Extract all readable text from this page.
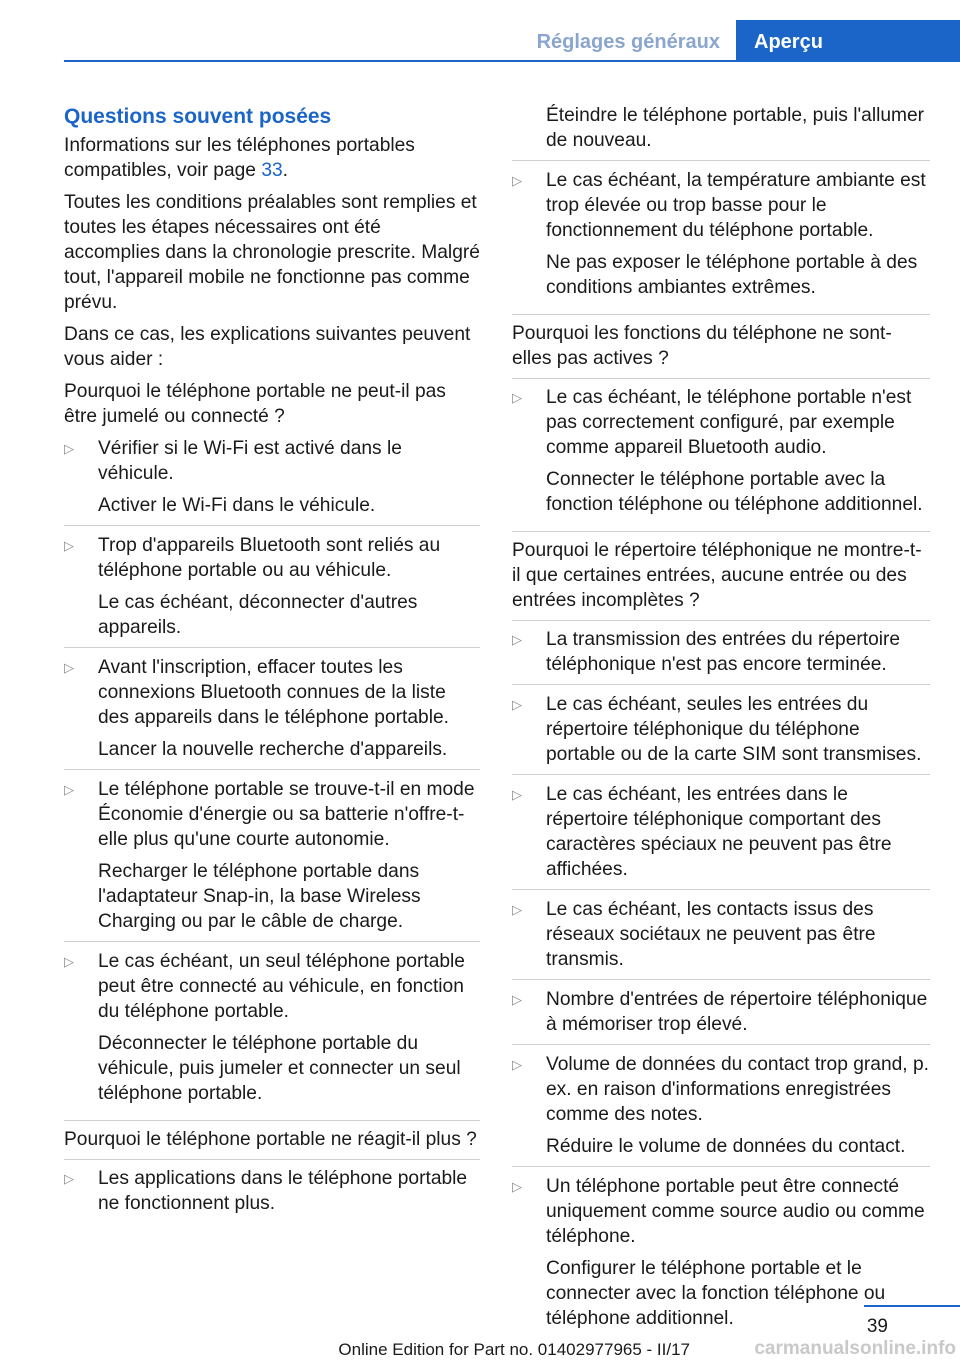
Réglages généraux	Aperçu
Questions souvent posées
Informations sur les téléphones portables compatibles, voir page 33.
Toutes les conditions préalables sont remplies et toutes les étapes nécessaires ont été accomplies dans la chronologie prescrite. Malgré tout, l'appareil mobile ne fonctionne pas comme prévu.
Dans ce cas, les explications suivantes peuvent vous aider :
Pourquoi le téléphone portable ne peut-il pas être jumelé ou connecté ?
▷ Vérifier si le Wi-Fi est activé dans le véhicule.
Activer le Wi-Fi dans le véhicule.
▷ Trop d'appareils Bluetooth sont reliés au téléphone portable ou au véhicule.
Le cas échéant, déconnecter d'autres appareils.
▷ Avant l'inscription, effacer toutes les connexions Bluetooth connues de la liste des appareils dans le téléphone portable.
Lancer la nouvelle recherche d'appareils.
▷ Le téléphone portable se trouve-t-il en mode Économie d'énergie ou sa batterie n'offre-t-elle plus qu'une courte autonomie.
Recharger le téléphone portable dans l'adaptateur Snap-in, la base Wireless Charging ou par le câble de charge.
▷ Le cas échéant, un seul téléphone portable peut être connecté au véhicule, en fonction du téléphone portable.
Déconnecter le téléphone portable du véhicule, puis jumeler et connecter un seul téléphone portable.
Pourquoi le téléphone portable ne réagit-il plus ?
▷ Les applications dans le téléphone portable ne fonctionnent plus.
Éteindre le téléphone portable, puis l'allumer de nouveau.
▷ Le cas échéant, la température ambiante est trop élevée ou trop basse pour le fonctionnement du téléphone portable.
Ne pas exposer le téléphone portable à des conditions ambiantes extrêmes.
Pourquoi les fonctions du téléphone ne sont-elles pas actives ?
▷ Le cas échéant, le téléphone portable n'est pas correctement configuré, par exemple comme appareil Bluetooth audio.
Connecter le téléphone portable avec la fonction téléphone ou téléphone additionnel.
Pourquoi le répertoire téléphonique ne montre-t-il que certaines entrées, aucune entrée ou des entrées incomplètes ?
▷ La transmission des entrées du répertoire téléphonique n'est pas encore terminée.
▷ Le cas échéant, seules les entrées du répertoire téléphonique du téléphone portable ou de la carte SIM sont transmises.
▷ Le cas échéant, les entrées dans le répertoire téléphonique comportant des caractères spéciaux ne peuvent pas être affichées.
▷ Le cas échéant, les contacts issus des réseaux sociétaux ne peuvent pas être transmis.
▷ Nombre d'entrées de répertoire téléphonique à mémoriser trop élevé.
▷ Volume de données du contact trop grand, p. ex. en raison d'informations enregistrées comme des notes.
Réduire le volume de données du contact.
▷ Un téléphone portable peut être connecté uniquement comme source audio ou comme téléphone.
Configurer le téléphone portable et le connecter avec la fonction téléphone ou téléphone additionnel.	39
Online Edition for Part no. 01402977965 - II/17	carmanualsonline.info
